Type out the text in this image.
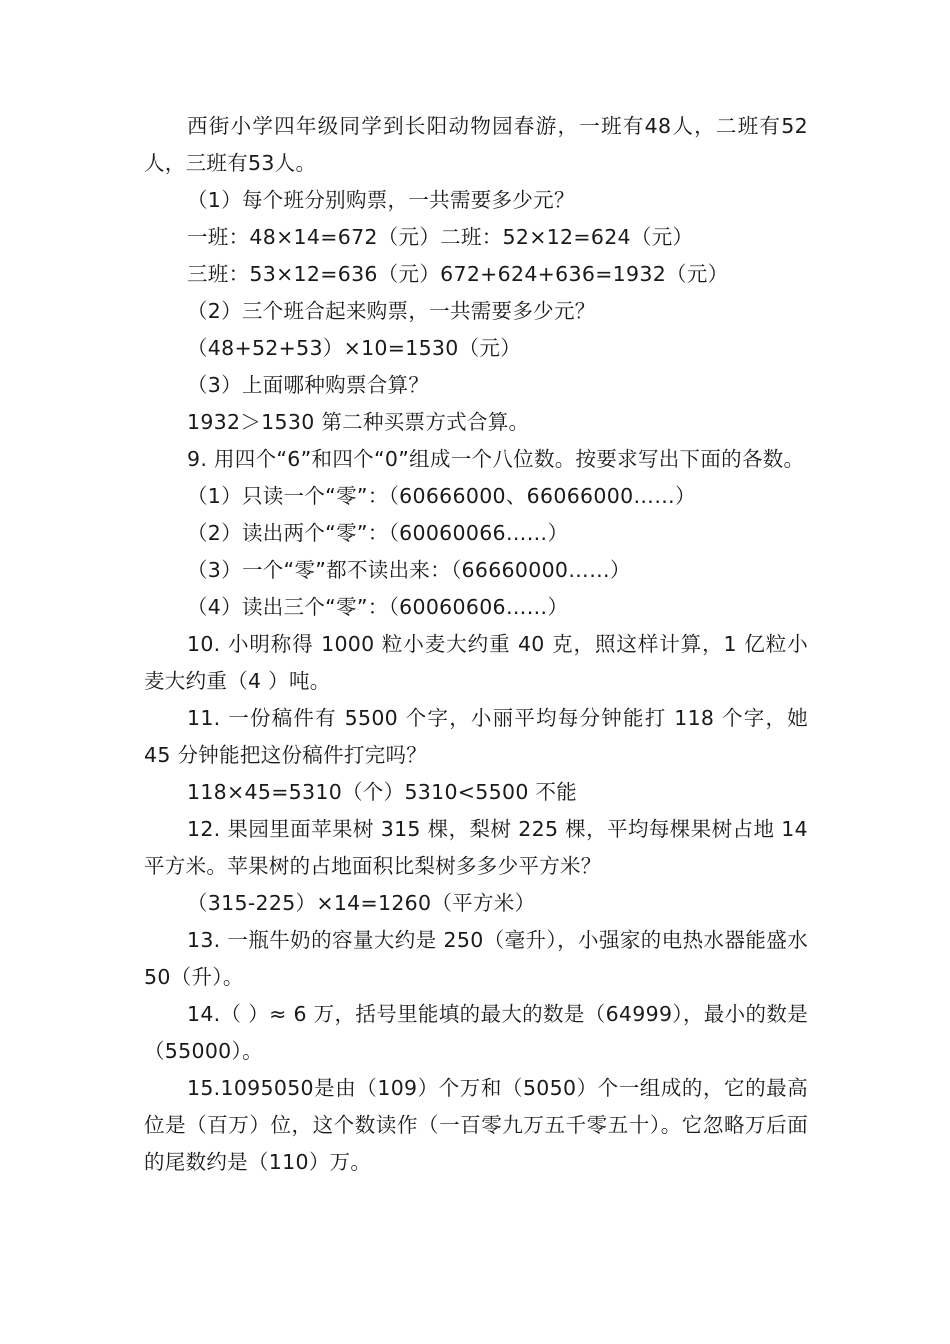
西街小学四年级同学到长阳动物园春游，一班有48人，二班有52人，三班有53人。

（1）每个班分别购票，一共需要多少元？

一班：48×14=672（元）二班：52×12=624（元）

三班：53×12=636（元）672+624+636=1932（元）

（2）三个班合起来购票，一共需要多少元？

（48+52+53）×10=1530（元）

（3）上面哪种购票合算？

1932＞1530 第二种买票方式合算。

9. 用四个“6”和四个“0”组成一个八位数。按要求写出下面的各数。

（1）只读一个“零”：（60666000、66066000……）

（2）读出两个“零”：（60060066……）

（3）一个“零”都不读出来：（66660000……）

（4）读出三个“零”：（60060606……）

10. 小明称得 1000 粒小麦大约重 40 克，照这样计算，1 亿粒小麦大约重（4 ）吨。

11. 一份稿件有 5500 个字，小丽平均每分钟能打 118 个字，她45 分钟能把这份稿件打完吗？

118×45=5310（个）5310<5500 不能

12. 果园里面苹果树 315 棵，梨树 225 棵，平均每棵果树占地 14平方米。苹果树的占地面积比梨树多多少平方米？

（315-225）×14=1260（平方米）

13. 一瓶牛奶的容量大约是 250（毫升），小强家的电热水器能盛水 50（升）。

14.（ ）≈ 6 万，括号里能填的最大的数是（64999），最小的数是（55000）。

15.1095050是由（109）个万和（5050）个一组成的，它的最高位是（百万）位，这个数读作（一百零九万五千零五十）。它忽略万后面的尾数约是（110）万。
